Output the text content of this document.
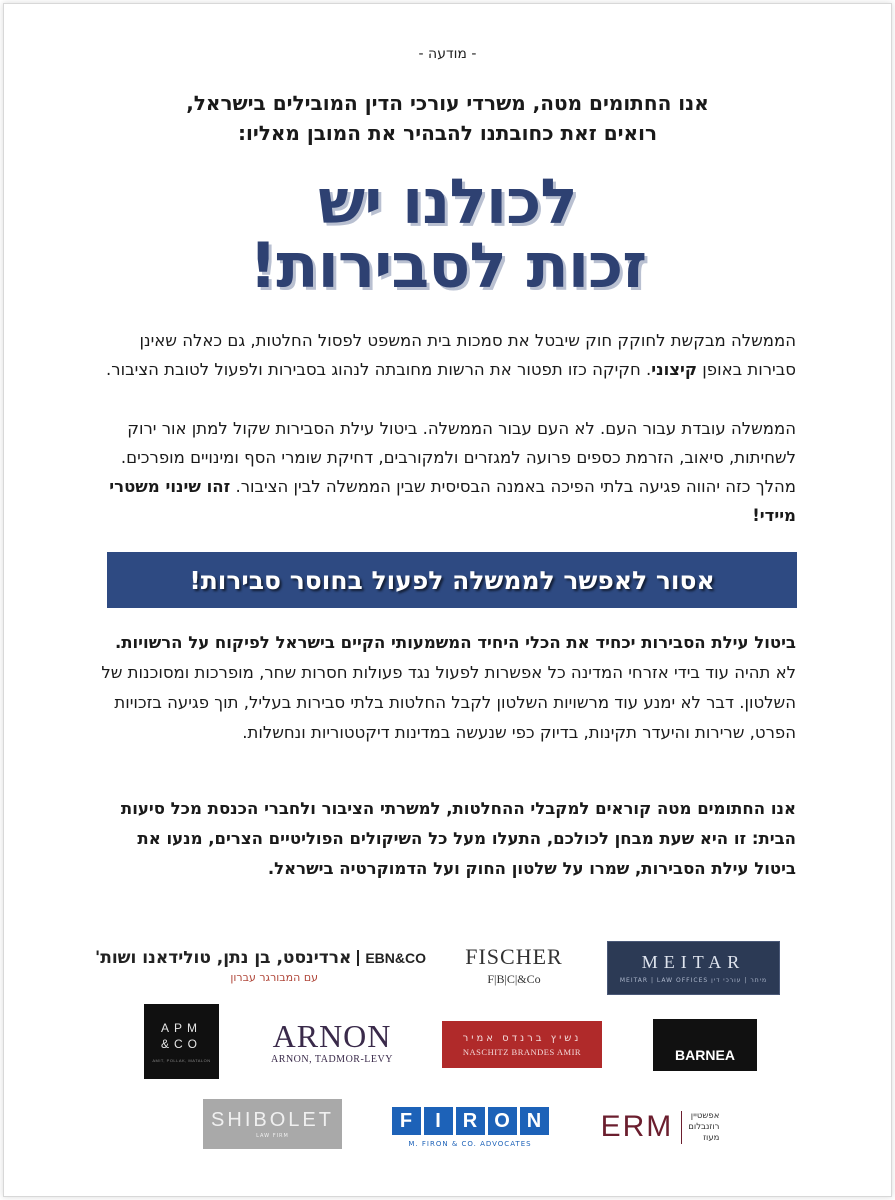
- מודעה -
אנו החתומים מטה, משרדי עורכי הדין המובילים בישראל,
רואים זאת כחובתנו להבהיר את המובן מאליו:
לכולנו יש
זכות לסבירות!
הממשלה מבקשת לחוקק חוק שיבטל את סמכות בית המשפט לפסול החלטות, גם כאלה שאינן סבירות באופן קיצוני. חקיקה כזו תפטור את הרשות מחובתה לנהוג בסבירות ולפעול לטובת הציבור.
הממשלה עובדת עבור העם. לא העם עבור הממשלה. ביטול עילת הסבירות שקול למתן אור ירוק לשחיתות, סיאוב, הזרמת כספים פרועה למגזרים ולמקורבים, דחיקת שומרי הסף ומינויים מופרכים. מהלך כזה יהווה פגיעה בלתי הפיכה באמנה הבסיסית שבין הממשלה לבין הציבור. זהו שינוי משטרי מיידי!
אסור לאפשר לממשלה לפעול בחוסר סבירות!
ביטול עילת הסבירות יכחיד את הכלי היחיד המשמעותי הקיים בישראל לפיקוח על הרשויות. לא תהיה עוד בידי אזרחי המדינה כל אפשרות לפעול נגד פעולות חסרות שחר, מופרכות ומסוכנות של השלטון. דבר לא ימנע עוד מרשויות השלטון לקבל החלטות בלתי סבירות בעליל, תוך פגיעה בזכויות הפרט, שרירות והיעדר תקינות, בדיוק כפי שנעשה במדינות דיקטטוריות ונחשלות.
אנו החתומים מטה קוראים למקבלי ההחלטות, למשרתי הציבור ולחברי הכנסת מכל סיעות הבית: זו היא שעת מבחן לכולכם, התעלו מעל כל השיקולים הפוליטיים הצרים, מנעו את ביטול עילת הסבירות, שמרו על שלטון החוק ועל הדמוקרטיה בישראל.
MEITAR
MEITAR | LAW OFFICES מיתר | עורכי דין
FISCHER
F|B|C|&Co
EBN&COארדינסט, בן נתן, טולידאנו ושות'
עם המבורגר עברון
APM
&CO
AMIT, POLLAK, MATALON
ARNON
ARNON, TADMOR-LEVY
נשיץ ברנדס אמיר
NASCHITZ BRANDES AMIR	BARNEA
SHIBOLET
LAW FIRM
F	I	R O N
M. FIRON & CO. ADVOCATES
ERM אפשטיין
רוזנבלום
מעוז
